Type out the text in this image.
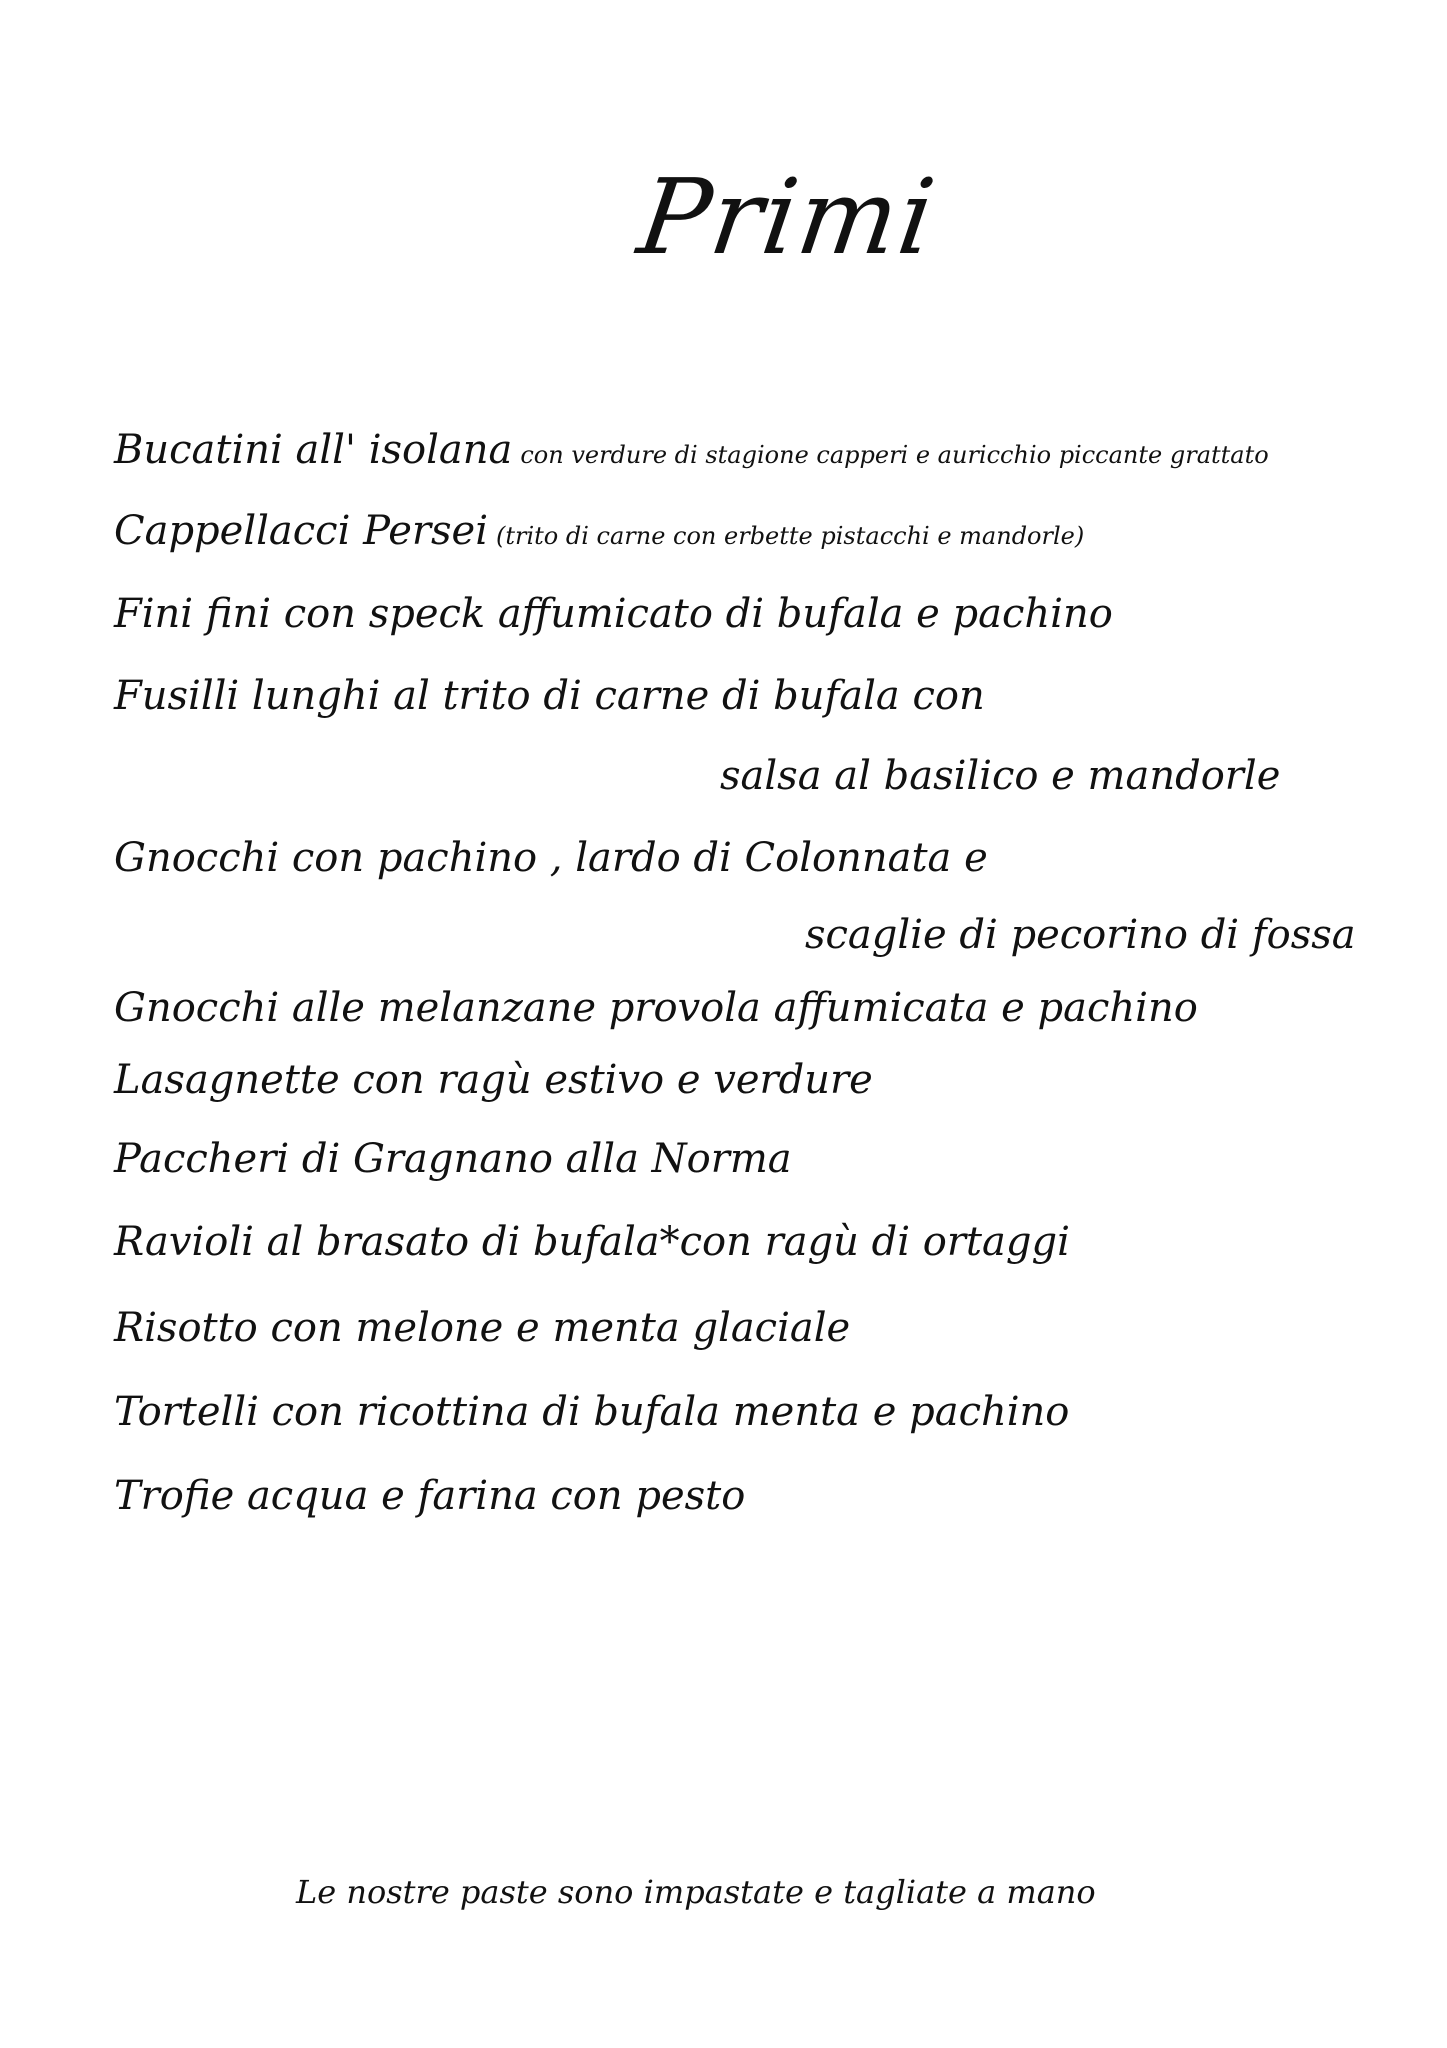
Primi
Bucatini all' isolana con verdure di stagione capperi e auricchio piccante grattato
Cappellacci Persei (trito di carne con erbette pistacchi e mandorle)
Fini fini con speck affumicato di bufala e pachino
Fusilli lunghi al trito di carne di bufala con
salsa al basilico e mandorle
Gnocchi con pachino , lardo di Colonnata e
scaglie di pecorino di fossa
Gnocchi alle melanzane provola affumicata e pachino
Lasagnette con ragù estivo e verdure
Paccheri di Gragnano alla Norma
Ravioli al brasato di bufala*con ragù di ortaggi
Risotto con melone e menta glaciale
Tortelli con ricottina di bufala menta e pachino
Trofie acqua e farina con pesto
Le nostre paste sono impastate e tagliate a mano
